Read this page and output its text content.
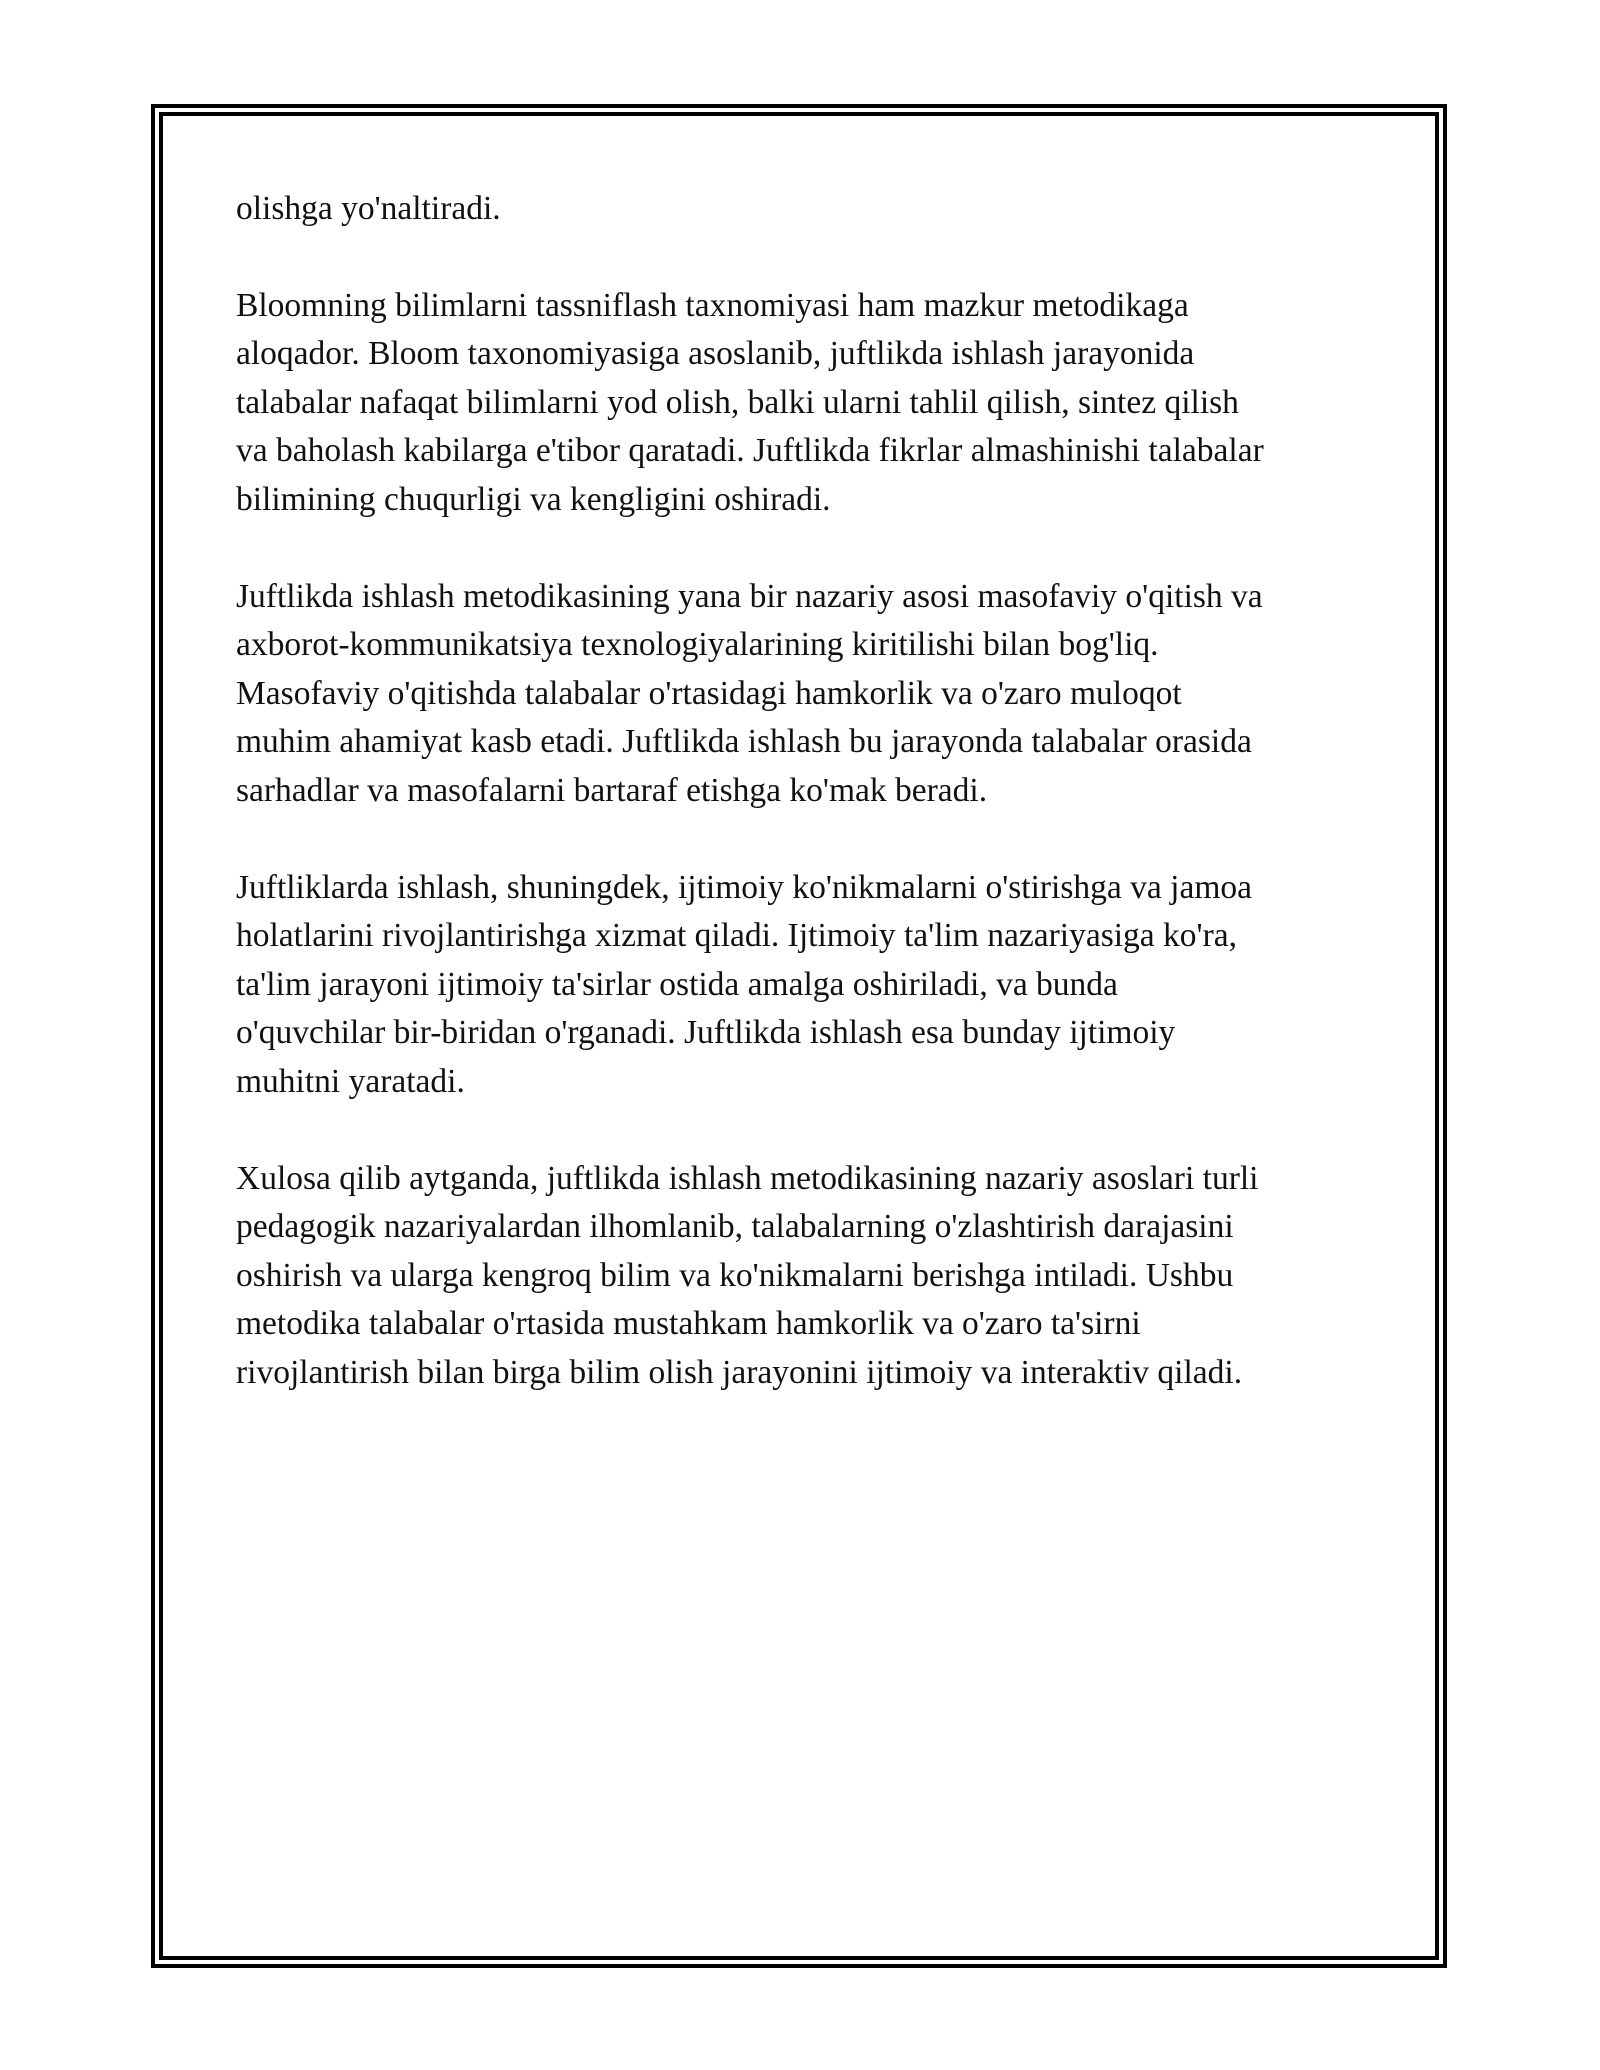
olishga yo'naltiradi.

Bloomning bilimlarni tassniflash taxnomiyasi ham mazkur metodikaga
aloqador. Bloom taxonomiyasiga asoslanib, juftlikda ishlash jarayonida
talabalar nafaqat bilimlarni yod olish, balki ularni tahlil qilish, sintez qilish
va baholash kabilarga e'tibor qaratadi. Juftlikda fikrlar almashinishi talabalar
bilimining chuqurligi va kengligini oshiradi.

Juftlikda ishlash metodikasining yana bir nazariy asosi masofaviy o'qitish va
axborot-kommunikatsiya texnologiyalarining kiritilishi bilan bog'liq.
Masofaviy o'qitishda talabalar o'rtasidagi hamkorlik va o'zaro muloqot
muhim ahamiyat kasb etadi. Juftlikda ishlash bu jarayonda talabalar orasida
sarhadlar va masofalarni bartaraf etishga ko'mak beradi.

Juftliklarda ishlash, shuningdek, ijtimoiy ko'nikmalarni o'stirishga va jamoa
holatlarini rivojlantirishga xizmat qiladi. Ijtimoiy ta'lim nazariyasiga ko'ra,
ta'lim jarayoni ijtimoiy ta'sirlar ostida amalga oshiriladi, va bunda
o'quvchilar bir-biridan o'rganadi. Juftlikda ishlash esa bunday ijtimoiy
muhitni yaratadi.

Xulosa qilib aytganda, juftlikda ishlash metodikasining nazariy asoslari turli
pedagogik nazariyalardan ilhomlanib, talabalarning o'zlashtirish darajasini
oshirish va ularga kengroq bilim va ko'nikmalarni berishga intiladi. Ushbu
metodika talabalar o'rtasida mustahkam hamkorlik va o'zaro ta'sirni
rivojlantirish bilan birga bilim olish jarayonini ijtimoiy va interaktiv qiladi.
